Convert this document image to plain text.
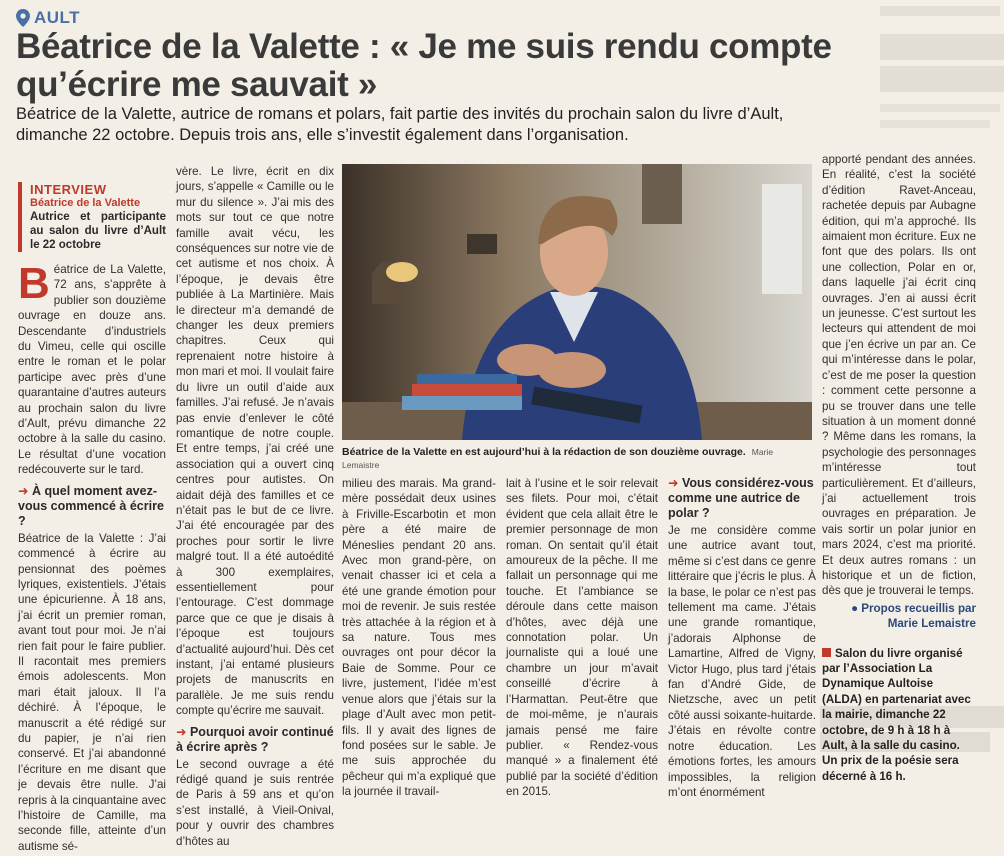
AULT
Béatrice de la Valette : « Je me suis rendu compte qu’écrire me sauvait »

Béatrice de la Valette, autrice de romans et polars, fait partie des invités du prochain salon du livre d’Ault, dimanche 22 octobre. Depuis trois ans, elle s’investit également dans l’organisation.

INTERVIEW
Béatrice de la Valette
Autrice et participante au salon du livre d’Ault le 22 octobre

Béatrice de La Valette, 72 ans, s’apprête à publier son douzième ouvrage en douze ans. Descendante d’industriels du Vimeu, celle qui oscille entre le roman et le polar participe avec près d’une quarantaine d’autres auteurs au prochain salon du livre d’Ault, prévu dimanche 22 octobre à la salle du casino. Le résultat d’une vocation redécouverte sur le tard.

➜ À quel moment avez-vous commencé à écrire ?

Béatrice de la Valette : J’ai commencé à écrire au pensionnat des poèmes lyriques, existentiels. J’étais une épicurienne. À 18 ans, j’ai écrit un premier roman, avant tout pour moi. Je n’ai rien fait pour le faire publier. Il racontait mes premiers émois adolescents. Mon mari était jaloux. Il l’a déchiré. À l’époque, le manuscrit a été rédigé sur du papier, je n’ai rien conservé. Et j’ai abandonné l’écriture en me disant que je devais être nulle. J’ai repris à la cinquantaine avec l’histoire de Camille, ma seconde fille, atteinte d’un autisme sé-

vère. Le livre, écrit en dix jours, s’appelle « Camille ou le mur du silence ». J’ai mis des mots sur tout ce que notre famille avait vécu, les conséquences sur notre vie de cet autisme et nos choix. À l’époque, je devais être publiée à La Martinière. Mais le directeur m’a demandé de changer les deux premiers chapitres. Ceux qui reprenaient notre histoire à mon mari et moi. Il voulait faire du livre un outil d’aide aux familles. J’ai refusé. Je n’avais pas envie d’enlever le côté romantique de notre couple. Et entre temps, j’ai créé une association qui a ouvert cinq centres pour autistes. On aidait déjà des familles et ce n’était pas le but de ce livre. J’ai été encouragée par des proches pour sortir le livre malgré tout. Il a été autoédité à 300 exemplaires, essentiellement pour l’entourage. C’est dommage parce que ce que je disais à l’époque est toujours d’actualité aujourd’hui. Dès cet instant, j’ai entamé plusieurs projets de manuscrits en parallèle. Je me suis rendu compte qu’écrire me sauvait.

➜ Pourquoi avoir continué à écrire après ?

Le second ouvrage a été rédigé quand je suis rentrée de Paris à 59 ans et qu’on s’est installé, à Vieil-Onival, pour y ouvrir des chambres d’hôtes au

Béatrice de la Valette en est aujourd’hui à la rédaction de son douzième ouvrage. Marie Lemaistre

milieu des marais. Ma grand-mère possédait deux usines à Friville-Escarbotin et mon père a été maire de Méneslies pendant 20 ans. Avec mon grand-père, on venait chasser ici et cela a été une grande émotion pour moi de revenir. Je suis restée très attachée à la région et à sa nature. Tous mes ouvrages ont pour décor la Baie de Somme. Pour ce livre, justement, l’idée m’est venue alors que j’étais sur la plage d’Ault avec mon petit-fils. Il y avait des lignes de fond posées sur le sable. Je me suis approchée du pêcheur qui m’a expliqué que la journée il travail-

lait à l’usine et le soir relevait ses filets. Pour moi, c’était évident que cela allait être le premier personnage de mon roman. On sentait qu’il était amoureux de la pêche. Il me fallait un personnage qui me touche. Et l’ambiance se déroule dans cette maison d’hôtes, avec déjà une connotation polar. Un journaliste qui a loué une chambre un jour m’avait conseillé d’écrire à l’Harmattan. Peut-être que de moi-même, je n’aurais jamais pensé me faire publier. « Rendez-vous manqué » a finalement été publié par la société d’édition en 2015.

➜ Vous considérez-vous comme une autrice de polar ?

Je me considère comme une autrice avant tout, même si c’est dans ce genre littéraire que j’écris le plus. À la base, le polar ce n’est pas tellement ma came. J’étais une grande romantique, j’adorais Alphonse de Lamartine, Alfred de Vigny, Victor Hugo, plus tard j’étais fan d’André Gide, de Nietzsche, avec un petit côté aussi soixante-huitarde. J’étais en révolte contre notre éducation. Les émotions fortes, les amours impossibles, la religion m’ont énormément

apporté pendant des années. En réalité, c’est la société d’édition Ravet-Anceau, rachetée depuis par Aubagne édition, qui m’a approché. Ils aimaient mon écriture. Eux ne font que des polars. Ils ont une collection, Polar en or, dans laquelle j’ai écrit cinq ouvrages. J’en ai aussi écrit un jeunesse. C’est surtout les lecteurs qui attendent de moi que j’en écrive un par an. Ce qui m’intéresse dans le polar, c’est de me poser la question : comment cette personne a pu se trouver dans une telle situation à un moment donné ? Même dans les romans, la psychologie des personnages m’intéresse tout particulièrement. Et d’ailleurs, j’ai actuellement trois ouvrages en préparation. Je vais sortir un polar junior en mars 2024, c’est ma priorité. Et deux autres romans : un historique et un de fiction, dès que je trouverai le temps.

● Propos recueillis par
Marie Lemaistre

Salon du livre organisé par l’Association La Dynamique Aultoise (ALDA) en partenariat avec la mairie, dimanche 22 octobre, de 9 h à 18 h à Ault, à la salle du casino. Un prix de la poésie sera décerné à 16 h.
